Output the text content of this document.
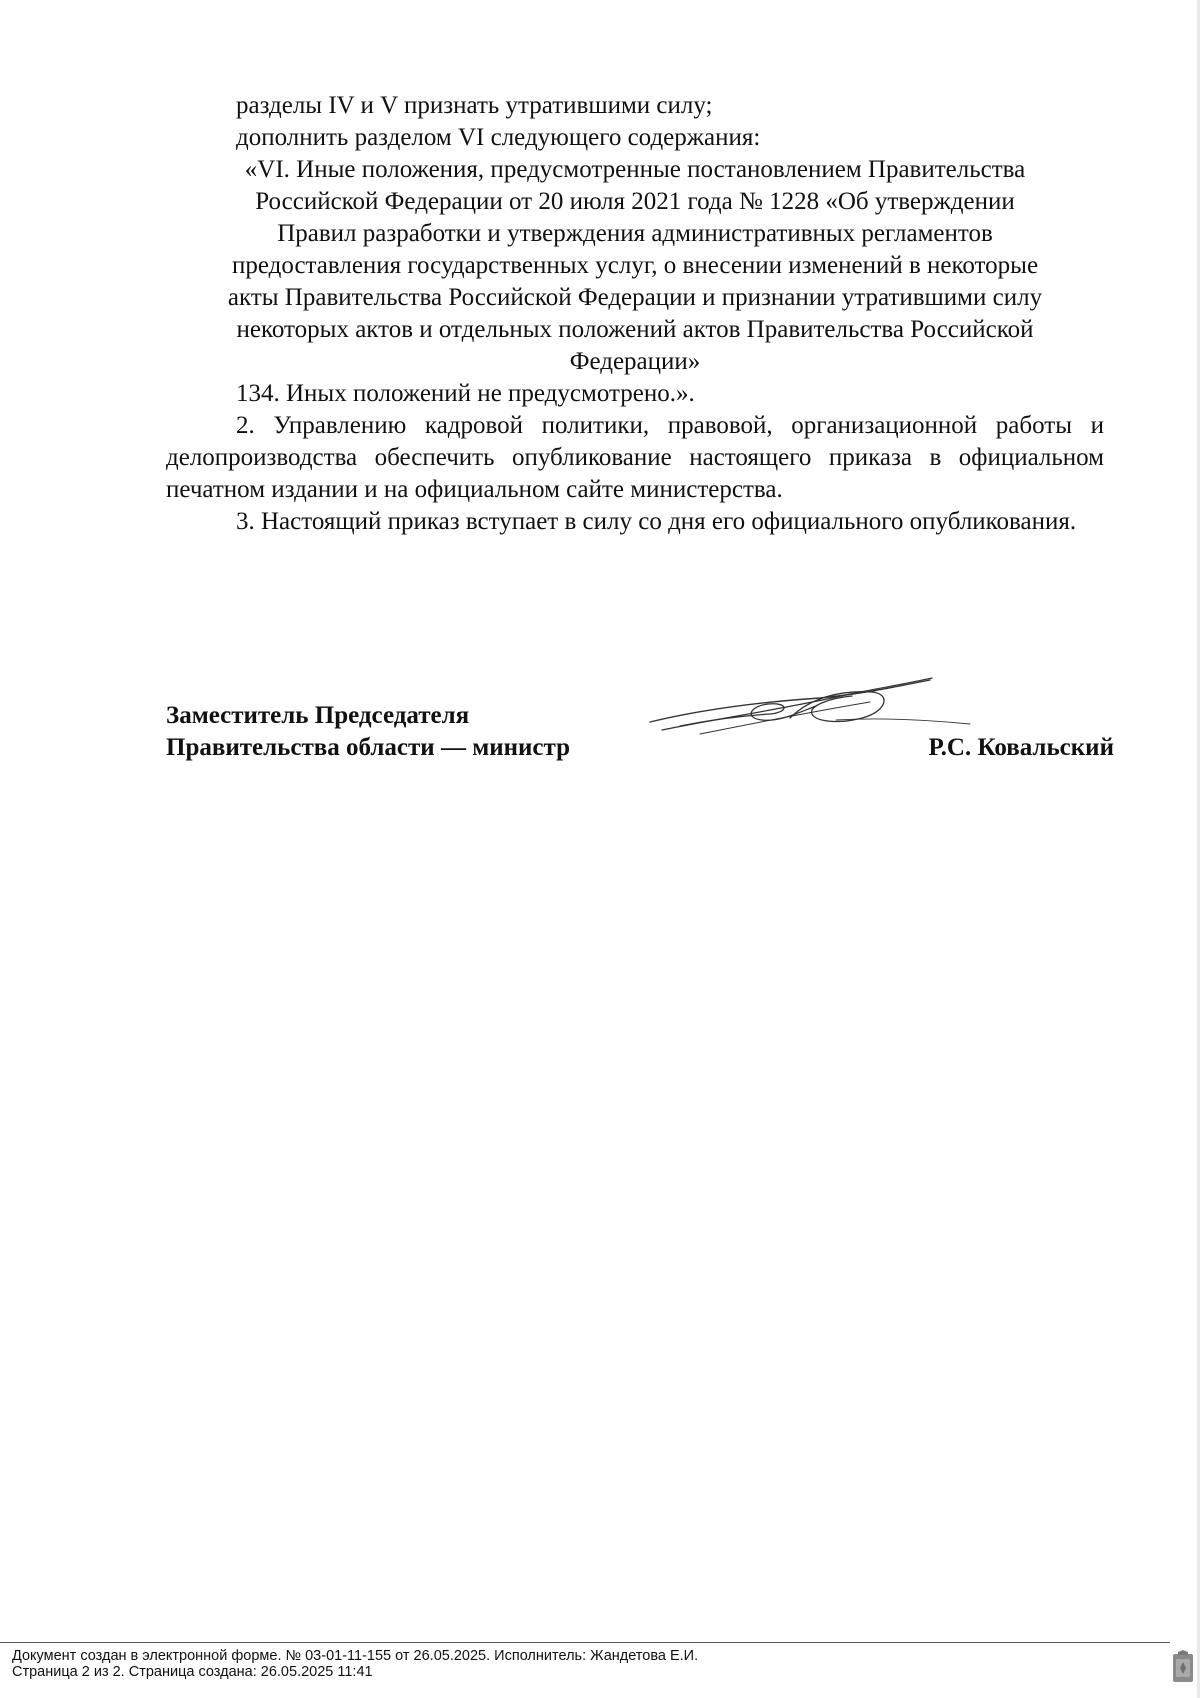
разделы IV и V признать утратившими силу;

дополнить разделом VI следующего содержания:

«VI. Иные положения, предусмотренные постановлением Правительства
Российской Федерации от 20 июля 2021 года № 1228 «Об утверждении
Правил разработки и утверждения административных регламентов
предоставления государственных услуг, о внесении изменений в некоторые
акты Правительства Российской Федерации и признании утратившими силу
некоторых актов и отдельных положений актов Правительства Российской
Федерации»

134. Иных положений не предусмотрено.».

2. Управлению кадровой политики, правовой, организационной работы и делопроизводства обеспечить опубликование настоящего приказа в официальном печатном издании и на официальном сайте министерства.

3. Настоящий приказ вступает в силу со дня его официального опубликования.

Заместитель Председателя
Правительства области — министр	Р.С. Ковальский
Документ создан в электронной форме. № 03-01-11-155 от 26.05.2025. Исполнитель: Жандетова Е.И.
Страница 2 из 2. Страница создана: 26.05.2025 11:41
